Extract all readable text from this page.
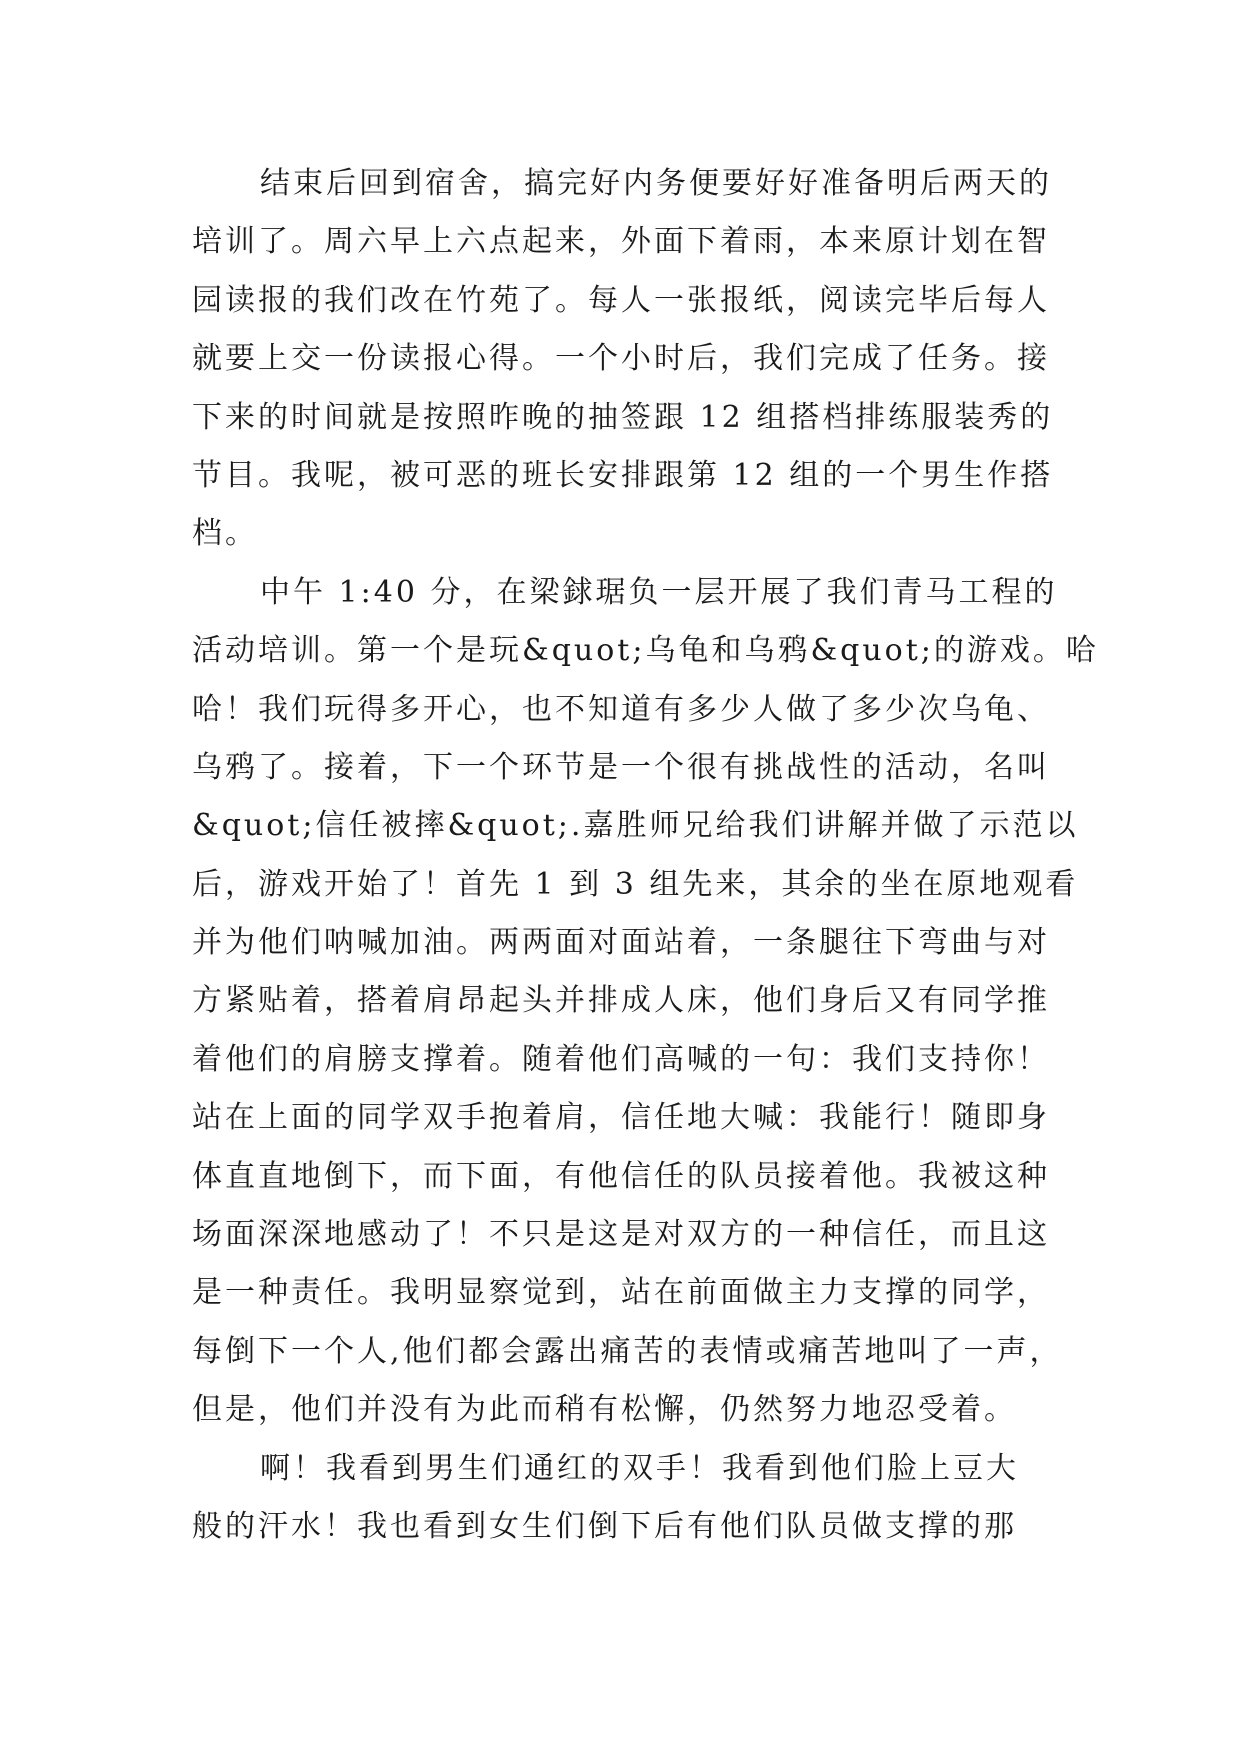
结束后回到宿舍，搞完好内务便要好好准备明后两天的
培训了。周六早上六点起来，外面下着雨，本来原计划在智
园读报的我们改在竹苑了。每人一张报纸，阅读完毕后每人
就要上交一份读报心得。一个小时后，我们完成了任务。接
下来的时间就是按照昨晚的抽签跟 12 组搭档排练服装秀的
节目。我呢，被可恶的班长安排跟第 12 组的一个男生作搭
档。
中午 1:40 分，在梁銶琚负一层开展了我们青马工程的
活动培训。第一个是玩&quot;乌龟和乌鸦&quot;的游戏。哈
哈！我们玩得多开心，也不知道有多少人做了多少次乌龟、
乌鸦了。接着，下一个环节是一个很有挑战性的活动，名叫
&quot;信任被摔&quot;.嘉胜师兄给我们讲解并做了示范以
后，游戏开始了！首先 1 到 3 组先来，其余的坐在原地观看
并为他们呐喊加油。两两面对面站着，一条腿往下弯曲与对
方紧贴着，搭着肩昂起头并排成人床，他们身后又有同学推
着他们的肩膀支撑着。随着他们高喊的一句：我们支持你！
站在上面的同学双手抱着肩，信任地大喊：我能行！随即身
体直直地倒下，而下面，有他信任的队员接着他。我被这种
场面深深地感动了！不只是这是对双方的一种信任，而且这
是一种责任。我明显察觉到，站在前面做主力支撑的同学，
每倒下一个人,他们都会露出痛苦的表情或痛苦地叫了一声，
但是，他们并没有为此而稍有松懈，仍然努力地忍受着。
啊！我看到男生们通红的双手！我看到他们脸上豆大
般的汗水！我也看到女生们倒下后有他们队员做支撑的那
